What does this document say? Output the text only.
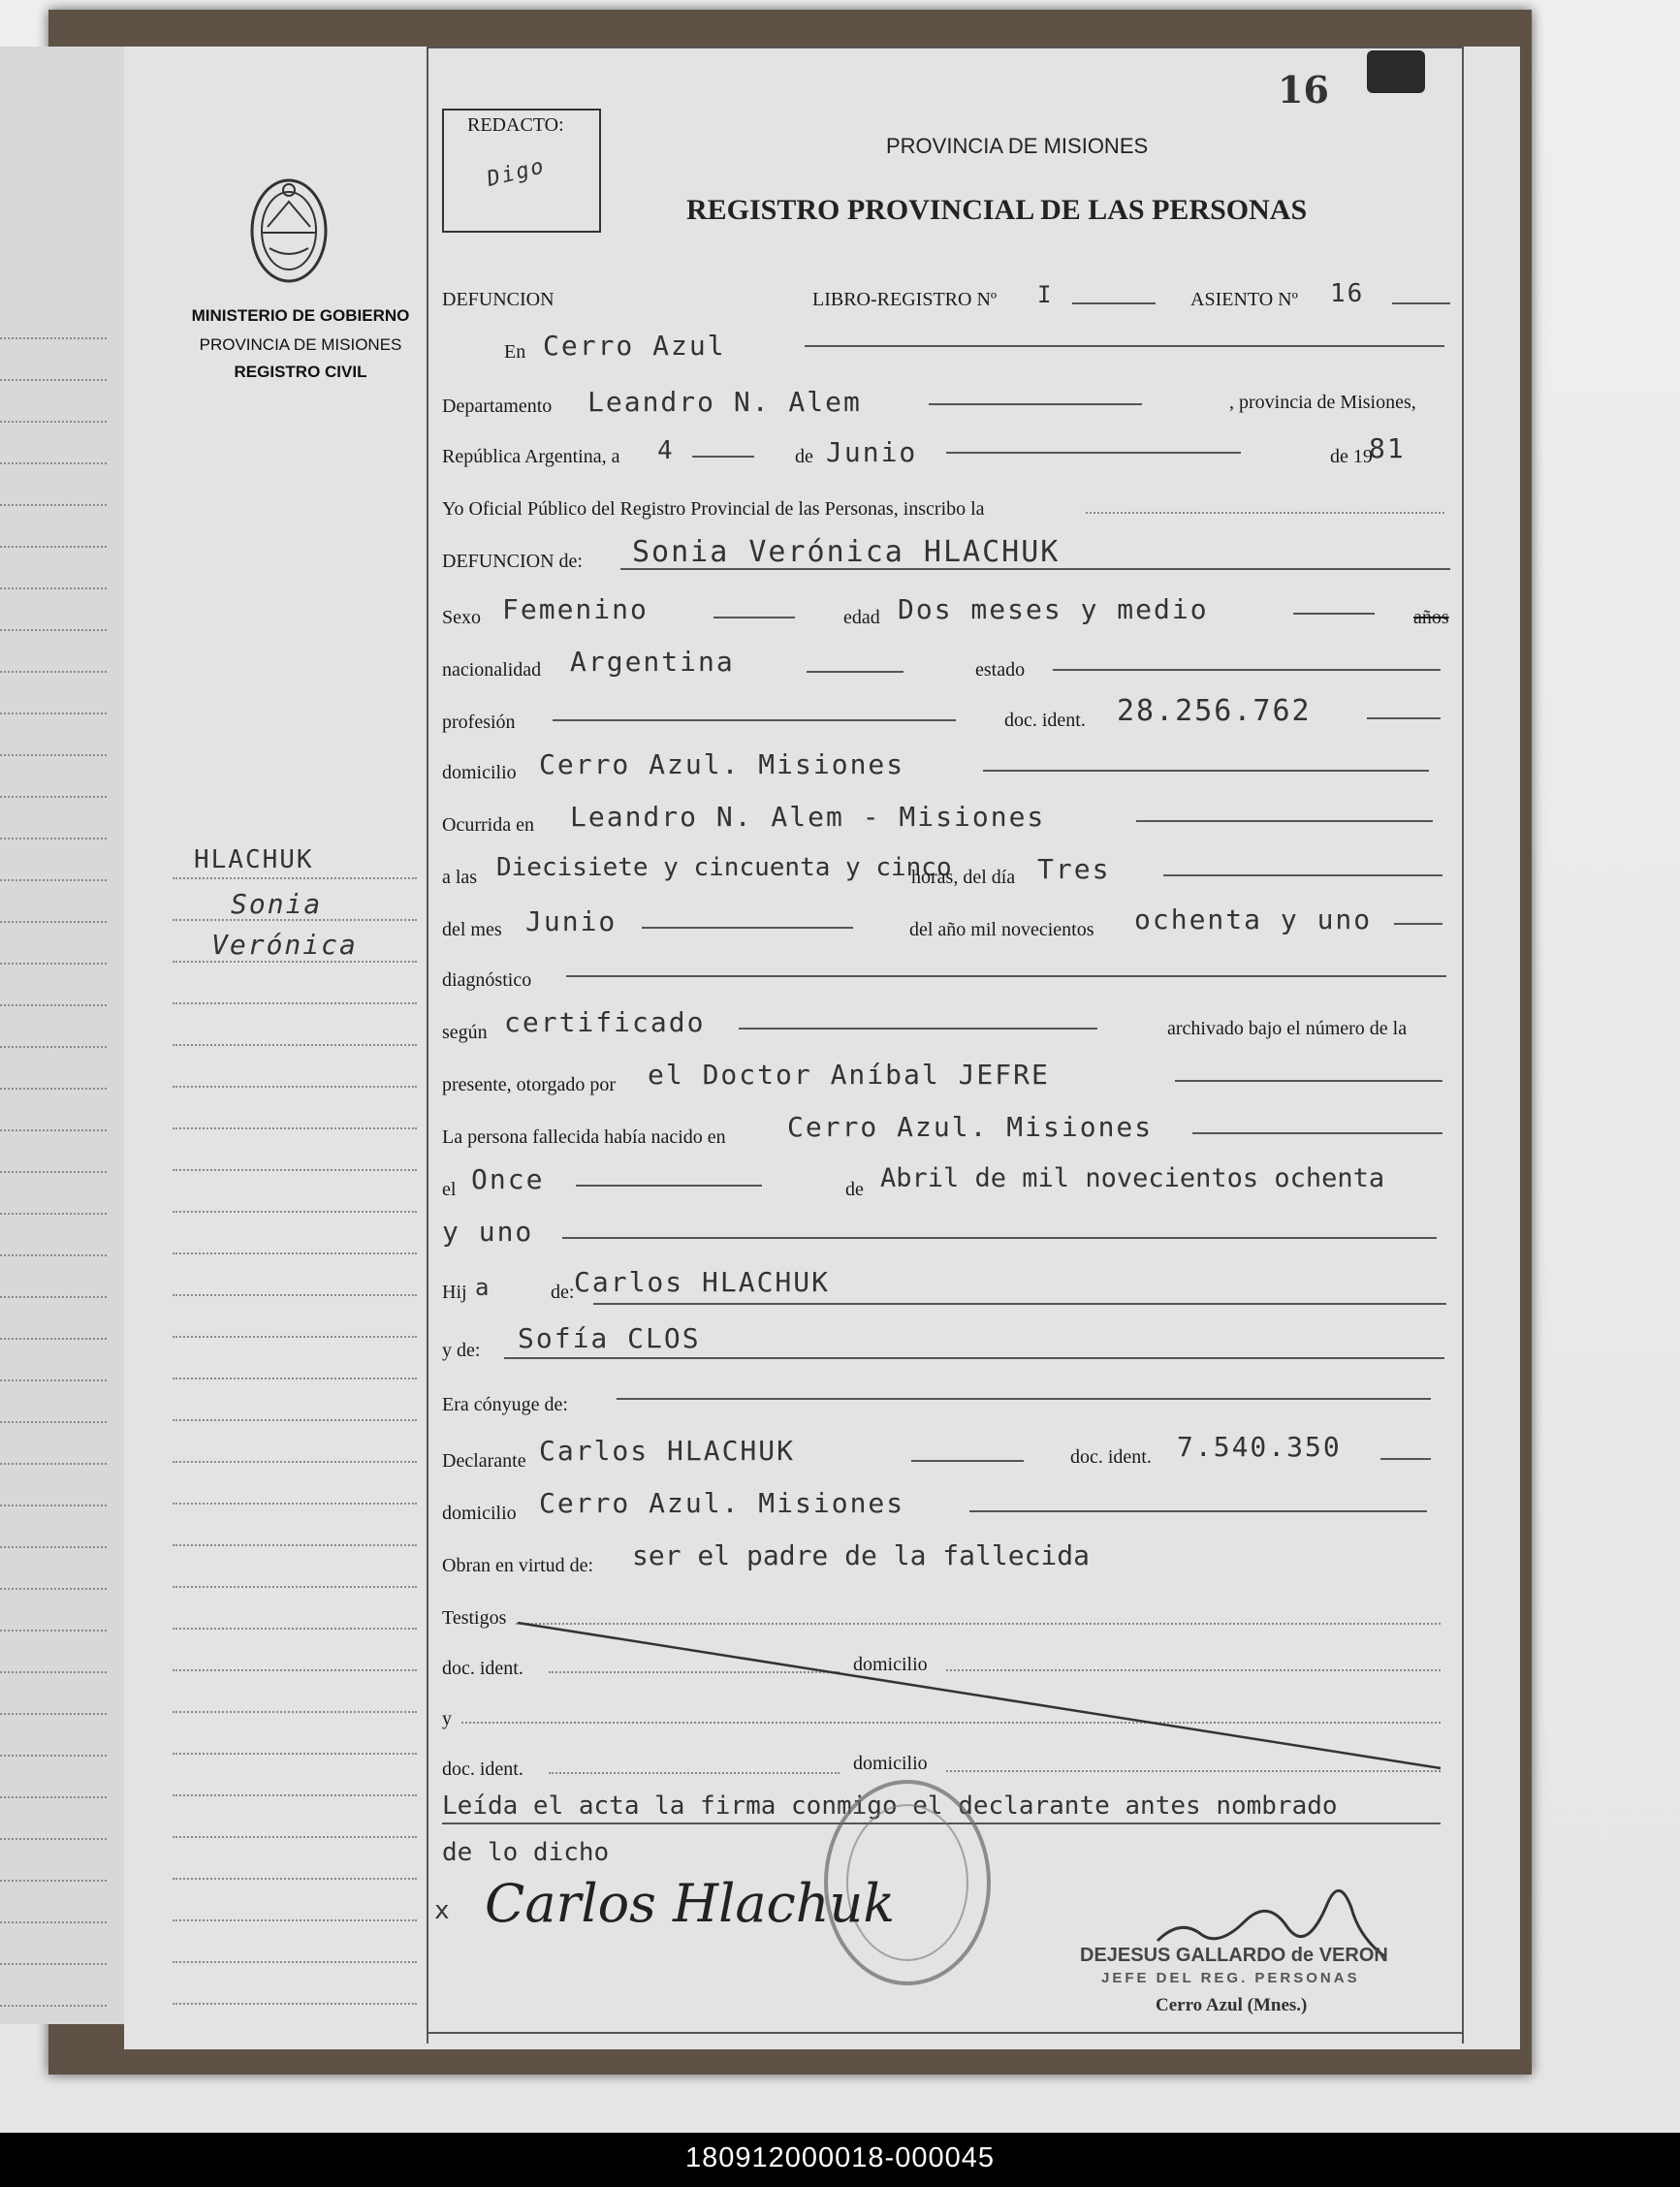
16
REDACTO:
Digo
PROVINCIA DE MISIONES
REGISTRO PROVINCIAL DE LAS PERSONAS
MINISTERIO DE GOBIERNO
PROVINCIA DE MISIONES
REGISTRO CIVIL
HLACHUK
Sonia
Verónica
DEFUNCION	LIBRO-REGISTRO Nº I	ASIENTO Nº 16
En Cerro Azul
Departamento Leandro N. Alem	, provincia de Misiones,
República Argentina, a 4	de Junio	de 19
81
Yo Oficial Público del Registro Provincial de las Personas, inscribo la
DEFUNCION de: Sonia Verónica HLACHUK
Sexo Femenino	edad Dos meses y medio	años
nacionalidad Argentina	estado
profesión	doc. ident. 28.256.762
domicilio Cerro Azul. Misiones
Ocurrida en Leandro N. Alem - Misiones
a las Diecisiete y cincuenta y cinco
horas, del día Tres
del mes Junio	del año mil novecientos ochenta y uno
diagnóstico
según certificado	archivado bajo el número de la
presente, otorgado por el Doctor Aníbal JEFRE
La persona fallecida había nacido en Cerro Azul. Misiones
el Once	de Abril de mil novecientos ochenta
y uno
Hij a	de: Carlos HLACHUK
y de: Sofía CLOS
Era cónyuge de:
Declarante Carlos HLACHUK	doc. ident. 7.540.350
domicilio Cerro Azul. Misiones
Obran en virtud de: ser el padre de la fallecida
Testigos
doc. ident.	domicilio
y
doc. ident.	domicilio
Leída el acta la firma conmigo el declarante antes nombrado
de lo dicho
x Carlos Hlachuk
DEJESUS GALLARDO de VERON
JEFE DEL REG. PERSONAS
Cerro Azul (Mnes.)
180912000018-000045
